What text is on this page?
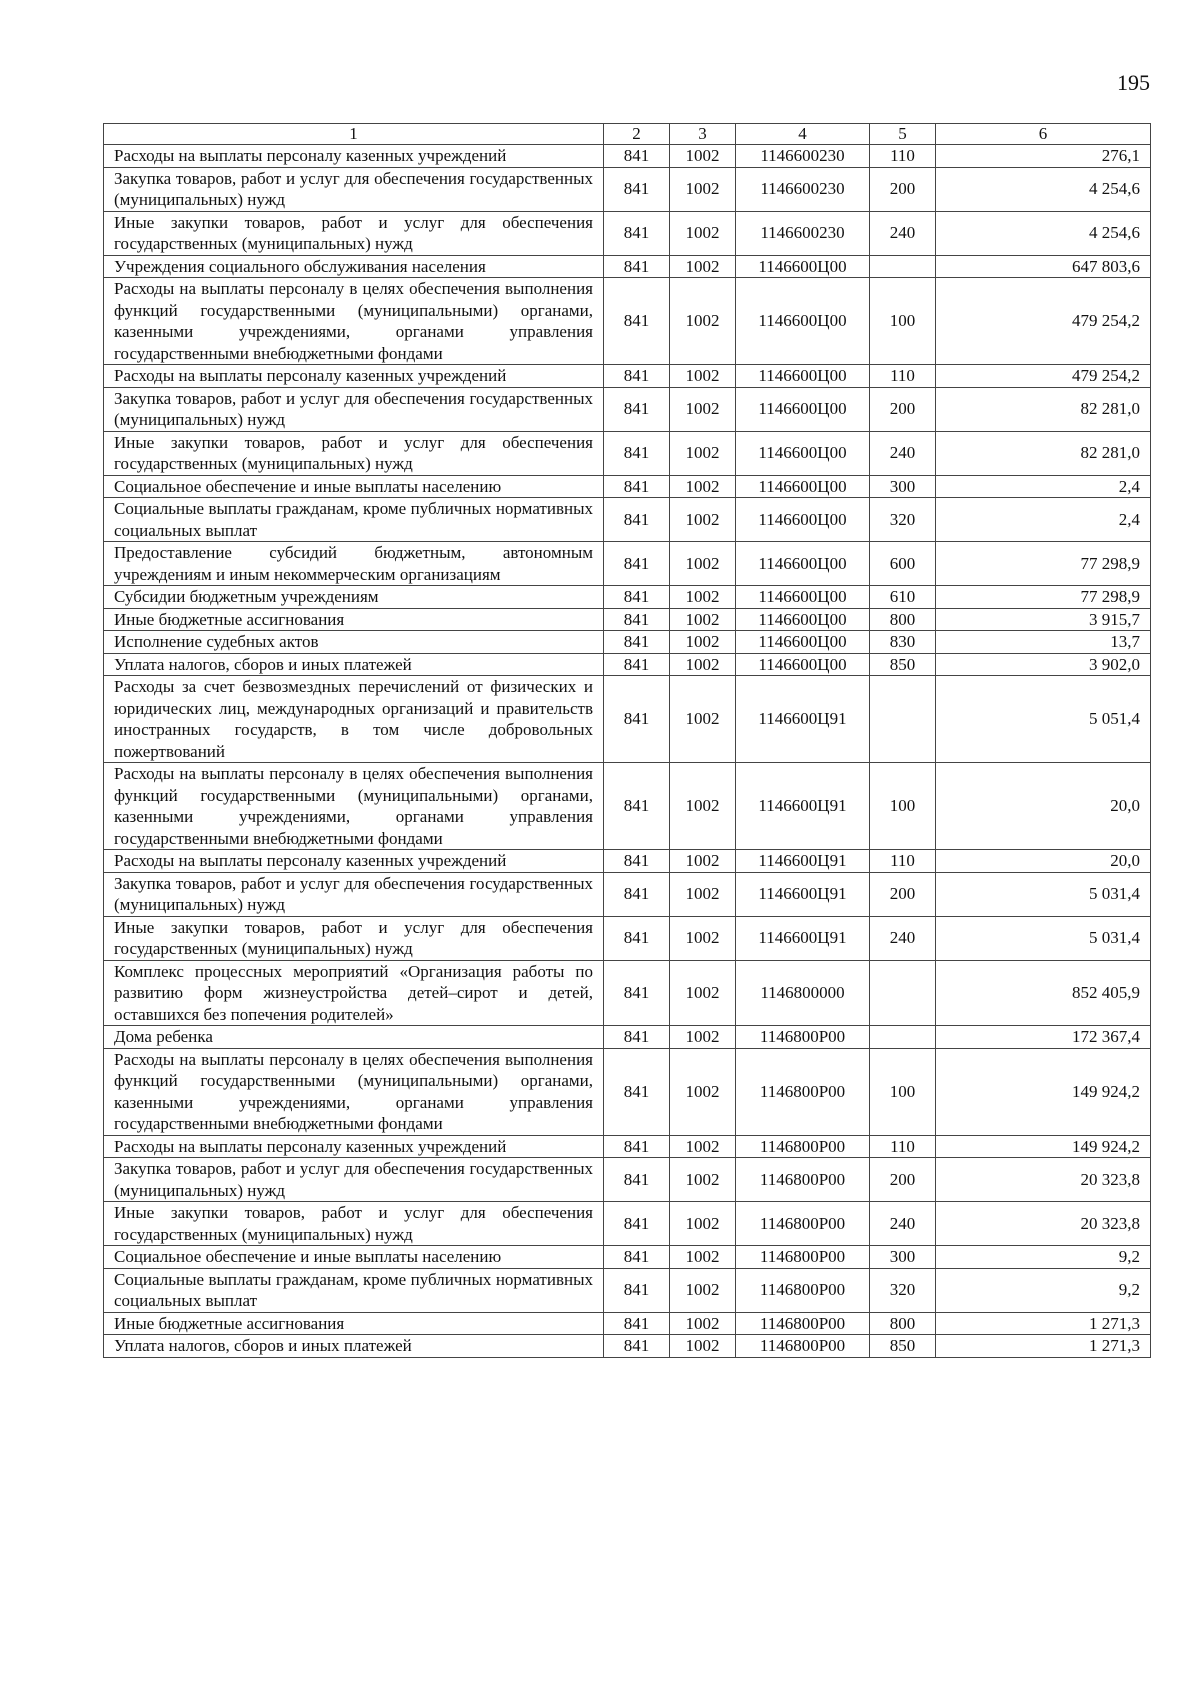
195
1	2	3	4	5	6
Расходы на выплаты персоналу казенных учреждений	841	1002	1146600230	110	276,1
Закупка товаров, работ и услуг для обеспечения государственных (муниципальных) нужд	841	1002	1146600230	200	4 254,6
Иные закупки товаров, работ и услуг для обеспечения государственных (муниципальных) нужд	841	1002	1146600230	240	4 254,6
Учреждения социального обслуживания населения	841	1002	1146600Ц00		647 803,6
Расходы на выплаты персоналу в целях обеспечения выполнения функций государственными (муниципальными) органами, казенными учреждениями, органами управления государственными внебюджетными фондами	841	1002	1146600Ц00	100	479 254,2
Расходы на выплаты персоналу казенных учреждений	841	1002	1146600Ц00	110	479 254,2
Закупка товаров, работ и услуг для обеспечения государственных (муниципальных) нужд	841	1002	1146600Ц00	200	82 281,0
Иные закупки товаров, работ и услуг для обеспечения государственных (муниципальных) нужд	841	1002	1146600Ц00	240	82 281,0
Социальное обеспечение и иные выплаты населению	841	1002	1146600Ц00	300	2,4
Социальные выплаты гражданам, кроме публичных нормативных социальных выплат	841	1002	1146600Ц00	320	2,4
Предоставление субсидий бюджетным, автономным учреждениям и иным некоммерческим организациям	841	1002	1146600Ц00	600	77 298,9
Субсидии бюджетным учреждениям	841	1002	1146600Ц00	610	77 298,9
Иные бюджетные ассигнования	841	1002	1146600Ц00	800	3 915,7
Исполнение судебных актов	841	1002	1146600Ц00	830	13,7
Уплата налогов, сборов и иных платежей	841	1002	1146600Ц00	850	3 902,0
Расходы за счет безвозмездных перечислений от физических и юридических лиц, международных организаций и правительств иностранных государств, в том числе добровольных пожертвований	841	1002	1146600Ц91		5 051,4
Расходы на выплаты персоналу в целях обеспечения выполнения функций государственными (муниципальными) органами, казенными учреждениями, органами управления государственными внебюджетными фондами	841	1002	1146600Ц91	100	20,0
Расходы на выплаты персоналу казенных учреждений	841	1002	1146600Ц91	110	20,0
Закупка товаров, работ и услуг для обеспечения государственных (муниципальных) нужд	841	1002	1146600Ц91	200	5 031,4
Иные закупки товаров, работ и услуг для обеспечения государственных (муниципальных) нужд	841	1002	1146600Ц91	240	5 031,4
Комплекс процессных мероприятий «Организация работы по развитию форм жизнеустройства детей–сирот и детей, оставшихся без попечения родителей»	841	1002	1146800000		852 405,9
Дома ребенка	841	1002	1146800Р00		172 367,4
Расходы на выплаты персоналу в целях обеспечения выполнения функций государственными (муниципальными) органами, казенными учреждениями, органами управления государственными внебюджетными фондами	841	1002	1146800Р00	100	149 924,2
Расходы на выплаты персоналу казенных учреждений	841	1002	1146800Р00	110	149 924,2
Закупка товаров, работ и услуг для обеспечения государственных (муниципальных) нужд	841	1002	1146800Р00	200	20 323,8
Иные закупки товаров, работ и услуг для обеспечения государственных (муниципальных) нужд	841	1002	1146800Р00	240	20 323,8
Социальное обеспечение и иные выплаты населению	841	1002	1146800Р00	300	9,2
Социальные выплаты гражданам, кроме публичных нормативных социальных выплат	841	1002	1146800Р00	320	9,2
Иные бюджетные ассигнования	841	1002	1146800Р00	800	1 271,3
Уплата налогов, сборов и иных платежей	841	1002	1146800Р00	850	1 271,3
